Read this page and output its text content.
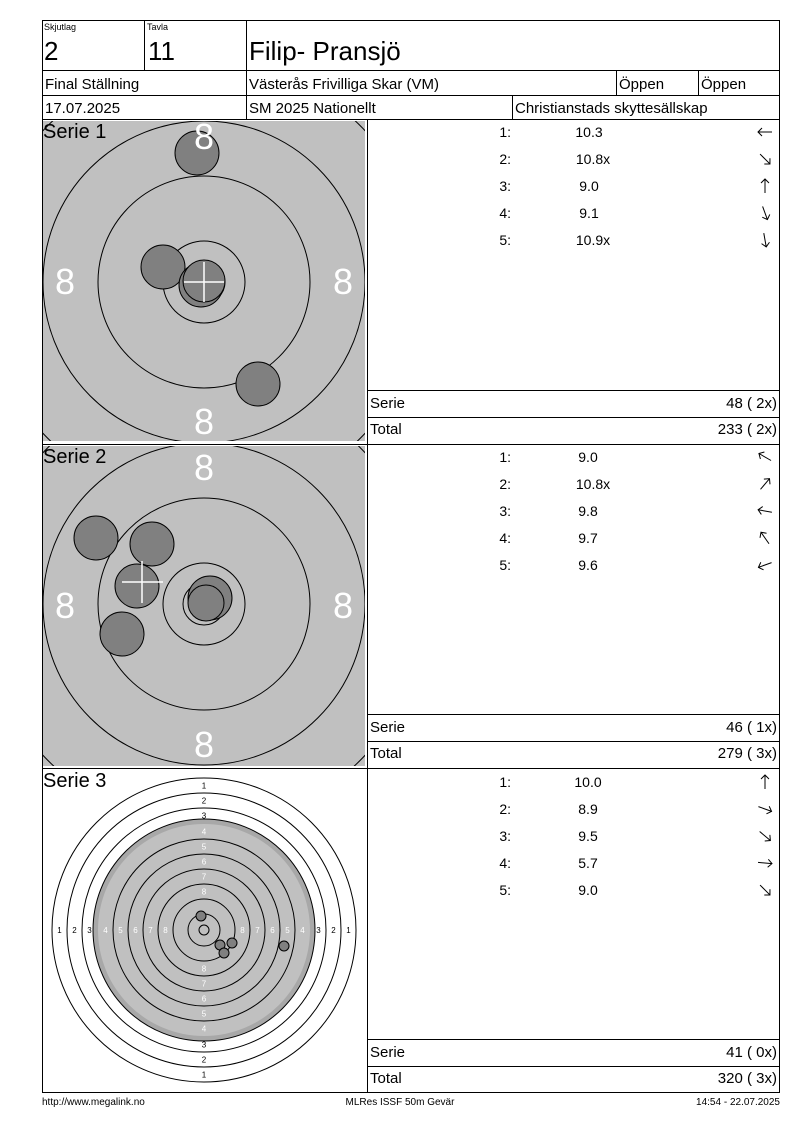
Skjutlag
2
Tavla
11	Filip- Pransjö
Final Ställning	Västerås Frivilliga Skar (VM)	Öppen Öppen
17.07.2025	SM 2025 Nationellt	Christianstads skyttesällskap
8
8	8
8
Serie 1	1:	10.3
2:	10.8x
3:	9.0
4:	9.1
5:	10.9x
Serie	48 ( 2x)
Total	233 ( 2x)
8
8	8
8
Serie 2	1:	9.0
2:	10.8x
3:	9.8
4:	9.7
5:	9.6
Serie	46 ( 1x)
Total	279 ( 3x)
1
1
1	1
2
2
2	2
3
3
3	3
4
4
4	4
5
5
5	5
6
6
6	6
7
7
7	7
8
8
8	8
Serie 3	1:	10.0
2:	8.9
3:	9.5
4:	5.7
5:	9.0
Serie	41 ( 0x)
Total	320 ( 3x)
http://www.megalink.no	MLRes ISSF 50m Gevär	14:54 - 22.07.2025
